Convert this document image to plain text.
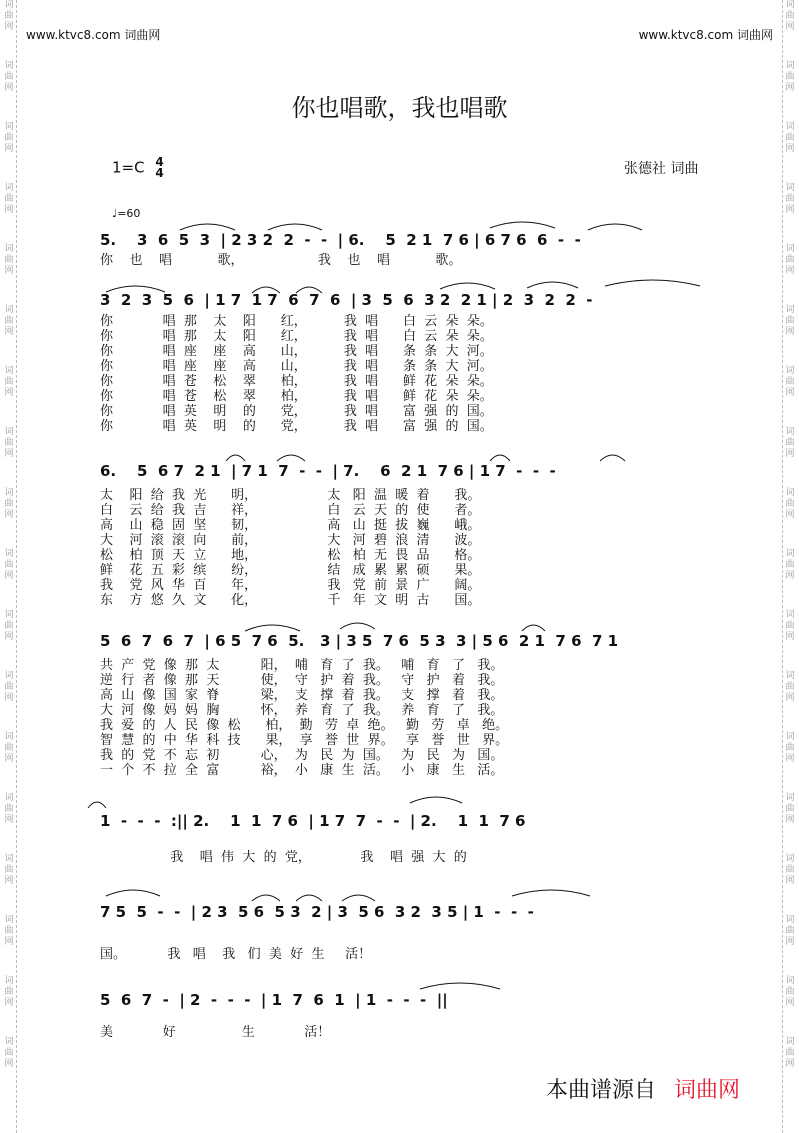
词
曲
网
词
曲
网
词
曲
网
词
曲
网
词
曲
网
词
曲
网
词
曲
网
词
曲
网
词
曲
网
词
曲
网
词
曲
网
词
曲
网
词
曲
网
词
曲
网
词
曲
网
词
曲
网
词
曲
网
词
曲
网
词
曲
网
词
曲
网
词
曲
网
词
曲
网
词
曲
网
词
曲
网
词
曲
网
词
曲
网
词
曲
网
词
曲
网
词
曲
网
词
曲
网
词
曲
网
词
曲
网
词
曲
网
词
曲
网
词
曲
网
词
曲
网
www.ktvc8.com 词曲网	www.ktvc8.com 词曲网
你也唱歌，我也唱歌
1=C 4
4	张德社 词曲
♩=60
5.    3  6  5  3  | 2 3 2  2  -  -  | 6.    5  2 1  7 6 | 6 7 6  6  -  -
你    也    唱           歌，                  我    也    唱           歌。
3  2  3  5  6  | 1 7  1 7  6  7  6  | 3  5  6  3 2  2 1 | 2  3  2  2  -
你            唱  那    太    阳      红，         我  唱      白  云  朵  朵。
你            唱  那    太    阳      红，         我  唱      白  云  朵  朵。
你            唱  座    座    高      山，         我  唱      条  条  大  河。
你            唱  座    座    高      山，         我  唱      条  条  大  河。
你            唱  苍    松    翠      柏，         我  唱      鲜  花  朵  朵。
你            唱  苍    松    翠      柏，         我  唱      鲜  花  朵  朵。
你            唱  英    明    的      党，         我  唱      富  强  的  国。
你            唱  英    明    的      党，         我  唱      富  强  的  国。
6.    5  6 7  2 1  | 7 1  7  -  -  | 7.    6  2 1  7 6 | 1 7  -  -  -
太    阳  给  我  光      明，                 太   阳  温  暖  着      我。
白    云  给  我  吉      祥，                 白   云  天  的  使      者。
高    山  稳  固  坚      韧，                 高   山  挺  拔  巍      峨。
大    河  滚  滚  向      前，                 大   河  碧  浪  清      波。
松    柏  顶  天  立      地，                 松   柏  无  畏  品      格。
鲜    花  五  彩  缤      纷，                 结   成  累  累  硕      果。
我    党  风  华  百      年，                 我   党  前  景  广      阔。
东    方  悠  久  文      化，                 千   年  文  明  古      国。
5  6  7  6  7  | 6 5  7 6  5.   3 | 3 5  7 6  5 3  3 | 5 6  2 1  7 6  7 1
共  产  党  像  那  太          阳，  哺   育  了  我。   哺   育   了   我。
逆  行  者  像  那  天          使，  守   护  着  我。   守   护   着   我。
高  山  像  国  家  脊          梁，  支   撑  着  我。   支   撑   着   我。
大  河  像  妈  妈  胸          怀，  养   育  了  我。   养   育   了   我。
我  爱  的  人  民  像  松      柏，  勤   劳  卓  绝。   勤   劳   卓   绝。
智  慧  的  中  华  科  技      果，  享   誉  世  界。   享   誉   世   界。
我  的  党  不  忘  初          心，  为   民  为  国。   为   民   为   国。
一  个  不  拉  全  富          裕，  小   康  生  活。   小   康   生   活。
1  -  -  -  :|| 2.    1  1  7 6  | 1 7  7  -  -  | 2.    1  1  7 6
我    唱  伟  大  的  党，            我    唱  强  大  的
7 5  5  -  -  | 2 3  5 6  5 3  2 | 3  5 6  3 2  3 5 | 1  -  -  -
国。          我   唱    我   们  美  好  生     活！
5  6  7  -  | 2  -  -  -  | 1  7  6  1  | 1  -  -  -  ||
美            好                生            活！
本曲谱源自 词曲网
